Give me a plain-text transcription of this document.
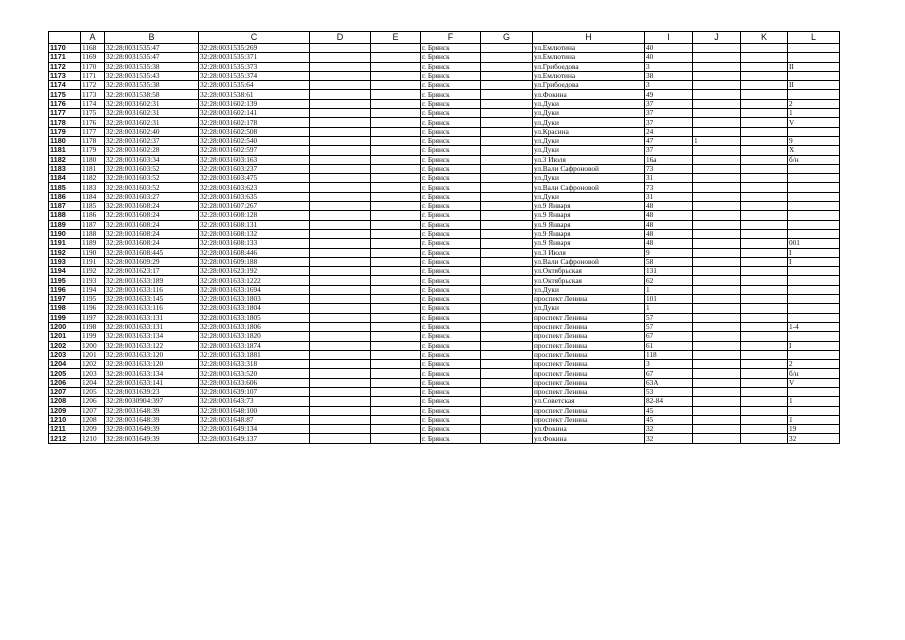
	A	B	C	D	E	F	G	H	I	J	K	L
1170	1168	32:28:0031535:47	32:28:0031535:269			г. Брянск		ул.Емлютина	40			
1171	1169	32:28:0031535:47	32:28:0031535:371			г. Брянск		ул.Емлютина	40			
1172	1170	32:28:0031535:38	32:28:0031535:373			г. Брянск		ул.Грибоедова	3			II
1173	1171	32:28:0031535:43	32:28:0031535:374			г. Брянск		ул.Емлютина	38			
1174	1172	32:28:0031535:38	32:28:0031535:64			г. Брянск		ул.Грибоедова	3			II
1175	1173	32:28:0031538:58	32:28:0031538:61			г. Брянск		ул.Фокина	49			
1176	1174	32:28:0031602:31	32:28:0031602:139			г. Брянск		ул.Дуки	37			2
1177	1175	32:28:0031602:31	32:28:0031602:141			г. Брянск		ул.Дуки	37			1
1178	1176	32:28:0031602:31	32:28:0031602:178			г. Брянск		ул.Дуки	37			V
1179	1177	32:28:0031602:40	32:28:0031602:508			г. Брянск		ул.Красина	24			
1180	1178	32:28:0031602:37	32:28:0031602:540			г. Брянск		ул.Дуки	47	1		9
1181	1179	32:28:0031602:28	32:28:0031602:597			г. Брянск		ул.Дуки	37			X
1182	1180	32:28:0031603:34	32:28:0031603:163			г. Брянск		ул.3 Июля	16а			б/н
1183	1181	32:28:0031603:52	32:28:0031603:237			г. Брянск		ул.Вали Сафроновой	73			
1184	1182	32:28:0031603:52	32:28:0031603:475			г. Брянск		ул.Дуки	31			
1185	1183	32:28:0031603:52	32:28:0031603:623			г. Брянск		ул.Вали Сафроновой	73			
1186	1184	32:28:0031603:27	32:28:0031603:635			г. Брянск		ул.Дуки	31			
1187	1185	32:28:0031608:24	32:28:0031607:267			г. Брянск		ул.9 Января	48			
1188	1186	32:28:0031608:24	32:28:0031608:128			г. Брянск		ул.9 Января	48			
1189	1187	32:28:0031608:24	32:28:0031608:131			г. Брянск		ул.9 Января	48			
1190	1188	32:28:0031608:24	32:28:0031608:132			г. Брянск		ул.9 Января	48			
1191	1189	32:28:0031608:24	32:28:0031608:133			г. Брянск		ул.9 Января	48			001
1192	1190	32:28:0031608:445	32:28:0031608:446			г. Брянск		ул.3 Июля	9			I
1193	1191	32:28:0031609:29	32:28:0031609:188			г. Брянск		ул.Вали Сафроновой	58			I
1194	1192	32:28:0031623:17	32:28:0031623:192			г. Брянск		ул.Октябрьская	131			
1195	1193	32:28:0031633:189	32:28:0031633:1222			г. Брянск		ул.Октябрьская	62			
1196	1194	32:28:0031633:116	32:28:0031633:1694			г. Брянск		ул.Дуки	1			
1197	1195	32:28:0031633:145	32:28:0031633:1803			г. Брянск		проспект Ленина	101			
1198	1196	32:28:0031633:116	32:28:0031633:1804			г. Брянск		ул.Дуки	1			
1199	1197	32:28:0031633:131	32:28:0031633:1805			г. Брянск		проспект Ленина	57			
1200	1198	32:28:0031633:131	32:28:0031633:1806			г. Брянск		проспект Ленина	57			1-4
1201	1199	32:28:0031633:134	32:28:0031633:1820			г. Брянск		проспект Ленина	67			
1202	1200	32:28:0031633:122	32:28:0031633:1874			г. Брянск		проспект Ленина	61			I
1203	1201	32:28:0031633:120	32:28:0031633:1881			г. Брянск		проспект Ленина	118			
1204	1202	32:28:0031633:120	32:28:0031633:318			г. Брянск		проспект Ленина	3			2
1205	1203	32:28:0031633:134	32:28:0031633:520			г. Брянск		проспект Ленина	67			б/н
1206	1204	32:28:0031633:141	32:28:0031633:606			г. Брянск		проспект Ленина	63А			V
1207	1205	32:28:0031639:23	32:28:0031639:107			г. Брянск		проспект Ленина	53			
1208	1206	32:28:0030904:397	32:28:0031643:73			г. Брянск		ул.Советская	82-84			1
1209	1207	32:28:0031648:39	32:28:0031648:100			г. Брянск		проспект Ленина	45			
1210	1208	32:28:0031648:39	32:28:0031648:87			г. Брянск		проспект Ленина	45			1
1211	1209	32:28:0031649:39	32:28:0031649:134			г. Брянск		ул.Фокина	32			19
1212	1210	32:28:0031649:39	32:28:0031649:137			г. Брянск		ул.Фокина	32			32
